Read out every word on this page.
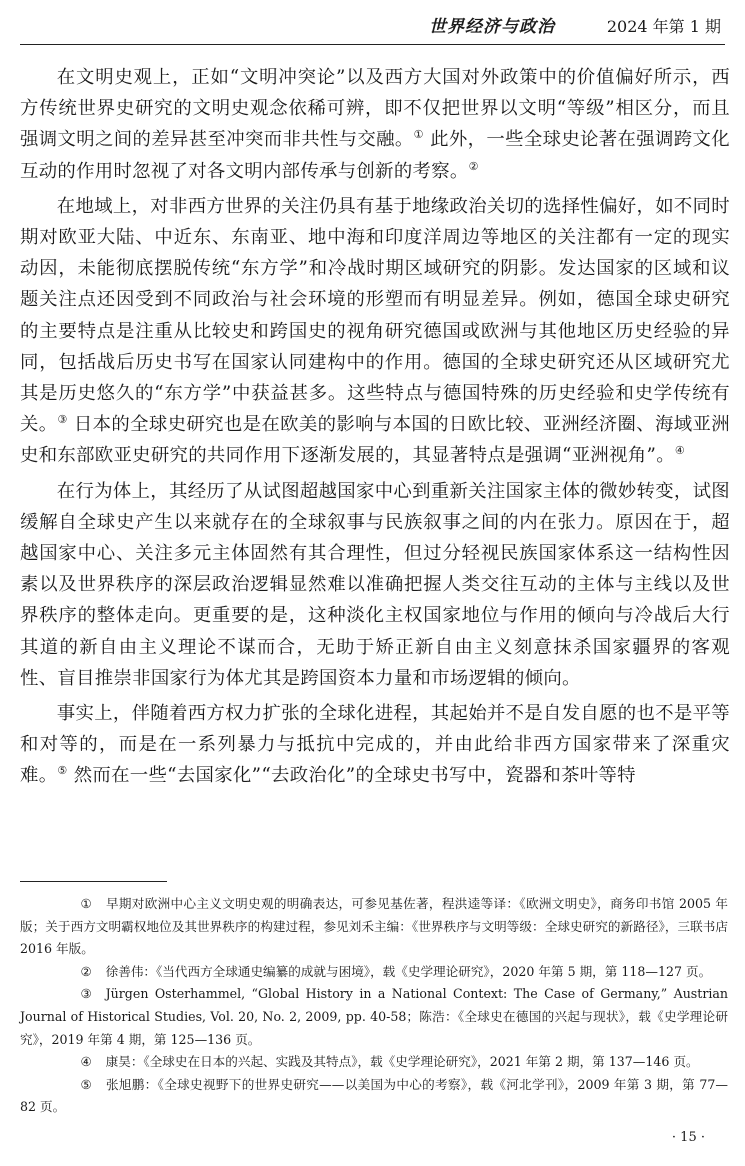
世界经济与政治	2024 年第 1 期

在文明史观上，正如“文明冲突论”以及西方大国对外政策中的价值偏好所示，西方传统世界史研究的文明史观念依稀可辨，即不仅把世界以文明“等级”相区分，而且强调文明之间的差异甚至冲突而非共性与交融。① 此外，一些全球史论著在强调跨文化互动的作用时忽视了对各文明内部传承与创新的考察。②

在地域上，对非西方世界的关注仍具有基于地缘政治关切的选择性偏好，如不同时期对欧亚大陆、中近东、东南亚、地中海和印度洋周边等地区的关注都有一定的现实动因，未能彻底摆脱传统“东方学”和冷战时期区域研究的阴影。发达国家的区域和议题关注点还因受到不同政治与社会环境的形塑而有明显差异。例如，德国全球史研究的主要特点是注重从比较史和跨国史的视角研究德国或欧洲与其他地区历史经验的异同，包括战后历史书写在国家认同建构中的作用。德国的全球史研究还从区域研究尤其是历史悠久的“东方学”中获益甚多。这些特点与德国特殊的历史经验和史学传统有关。③ 日本的全球史研究也是在欧美的影响与本国的日欧比较、亚洲经济圈、海域亚洲史和东部欧亚史研究的共同作用下逐渐发展的，其显著特点是强调“亚洲视角”。④

在行为体上，其经历了从试图超越国家中心到重新关注国家主体的微妙转变，试图缓解自全球史产生以来就存在的全球叙事与民族叙事之间的内在张力。原因在于，超越国家中心、关注多元主体固然有其合理性，但过分轻视民族国家体系这一结构性因素以及世界秩序的深层政治逻辑显然难以准确把握人类交往互动的主体与主线以及世界秩序的整体走向。更重要的是，这种淡化主权国家地位与作用的倾向与冷战后大行其道的新自由主义理论不谋而合，无助于矫正新自由主义刻意抹杀国家疆界的客观性、盲目推崇非国家行为体尤其是跨国资本力量和市场逻辑的倾向。

事实上，伴随着西方权力扩张的全球化进程，其起始并不是自发自愿的也不是平等和对等的，而是在一系列暴力与抵抗中完成的，并由此给非西方国家带来了深重灾难。⑤ 然而在一些“去国家化”“去政治化”的全球史书写中，瓷器和茶叶等特

① 早期对欧洲中心主义文明史观的明确表达，可参见基佐著，程洪逵等译：《欧洲文明史》，商务印书馆 2005 年版；关于西方文明霸权地位及其世界秩序的构建过程，参见刘禾主编：《世界秩序与文明等级：全球史研究的新路径》，三联书店 2016 年版。

② 徐善伟：《当代西方全球通史编纂的成就与困境》，载《史学理论研究》，2020 年第 5 期，第 118—127 页。

③ Jürgen Osterhammel, “Global History in a National Context: The Case of Germany,” Austrian Journal of Historical Studies, Vol. 20, No. 2, 2009, pp. 40-58；陈浩：《全球史在德国的兴起与现状》，载《史学理论研究》，2019 年第 4 期，第 125—136 页。

④ 康昊：《全球史在日本的兴起、实践及其特点》，载《史学理论研究》，2021 年第 2 期，第 137—146 页。

⑤ 张旭鹏：《全球史视野下的世界史研究——以美国为中心的考察》，载《河北学刊》，2009 年第 3 期，第 77—82 页。

· 15 ·
